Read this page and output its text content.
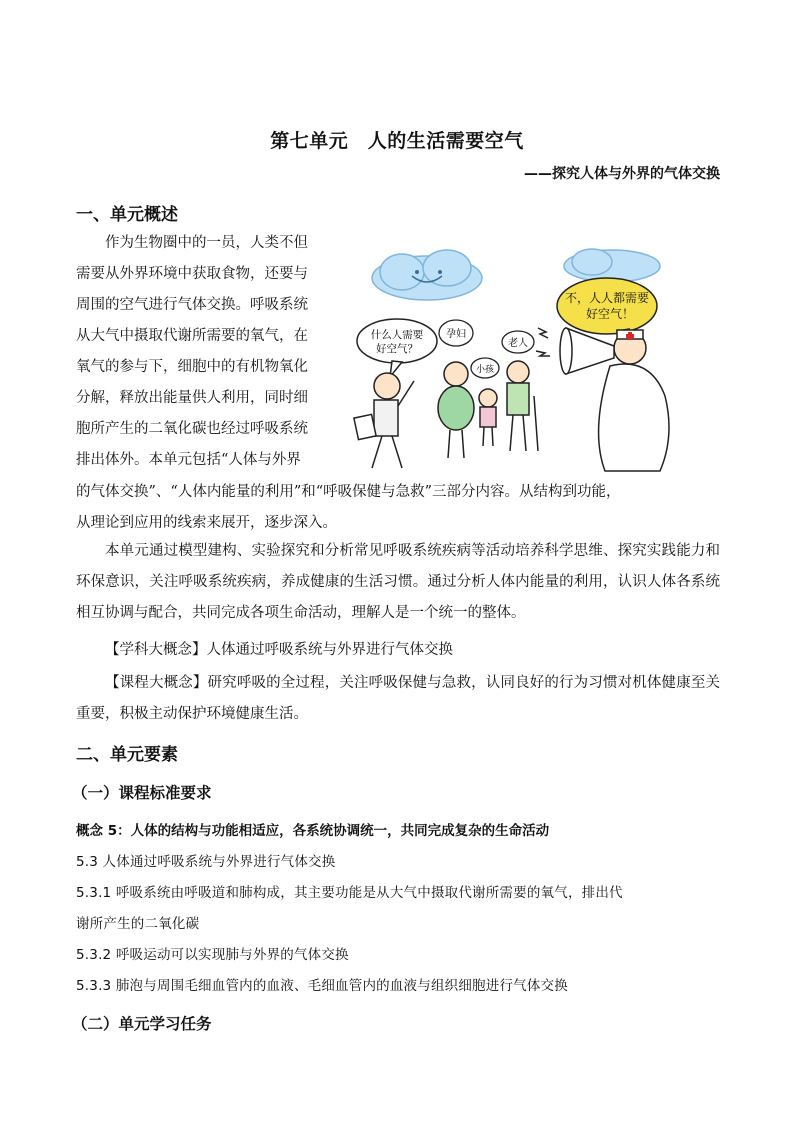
第七单元　人的生活需要空气
——探究人体与外界的气体交换
一、单元概述
作为生物圈中的一员，人类不但
需要从外界环境中获取食物，还要与
周围的空气进行气体交换。呼吸系统
从大气中摄取代谢所需要的氧气，在
氧气的参与下，细胞中的有机物氧化
分解，释放出能量供人利用，同时细
胞所产生的二氧化碳也经过呼吸系统
排出体外。本单元包括“人体与外界
不，人人都需要
好空气！
什么人需要
好空气？
孕妇
小孩
老人
的气体交换”、“人体内能量的利用”和“呼吸保健与急救”三部分内容。从结构到功能，
从理论到应用的线索来展开，逐步深入。
本单元通过模型建构、实验探究和分析常见呼吸系统疾病等活动培养科学思维、探究实践能力和环保意识，关注呼吸系统疾病，养成健康的生活习惯。通过分析人体内能量的利用，认识人体各系统相互协调与配合，共同完成各项生命活动，理解人是一个统一的整体。
【学科大概念】人体通过呼吸系统与外界进行气体交换
【课程大概念】研究呼吸的全过程，关注呼吸保健与急救，认同良好的行为习惯对机体健康至关重要，积极主动保护环境健康生活。
二、单元要素
（一）课程标准要求
概念 5：人体的结构与功能相适应，各系统协调统一，共同完成复杂的生命活动
5.3 人体通过呼吸系统与外界进行气体交换
5.3.1 呼吸系统由呼吸道和肺构成，其主要功能是从大气中摄取代谢所需要的氧气，排出代
谢所产生的二氧化碳
5.3.2 呼吸运动可以实现肺与外界的气体交换
5.3.3 肺泡与周围毛细血管内的血液、毛细血管内的血液与组织细胞进行气体交换
（二）单元学习任务
